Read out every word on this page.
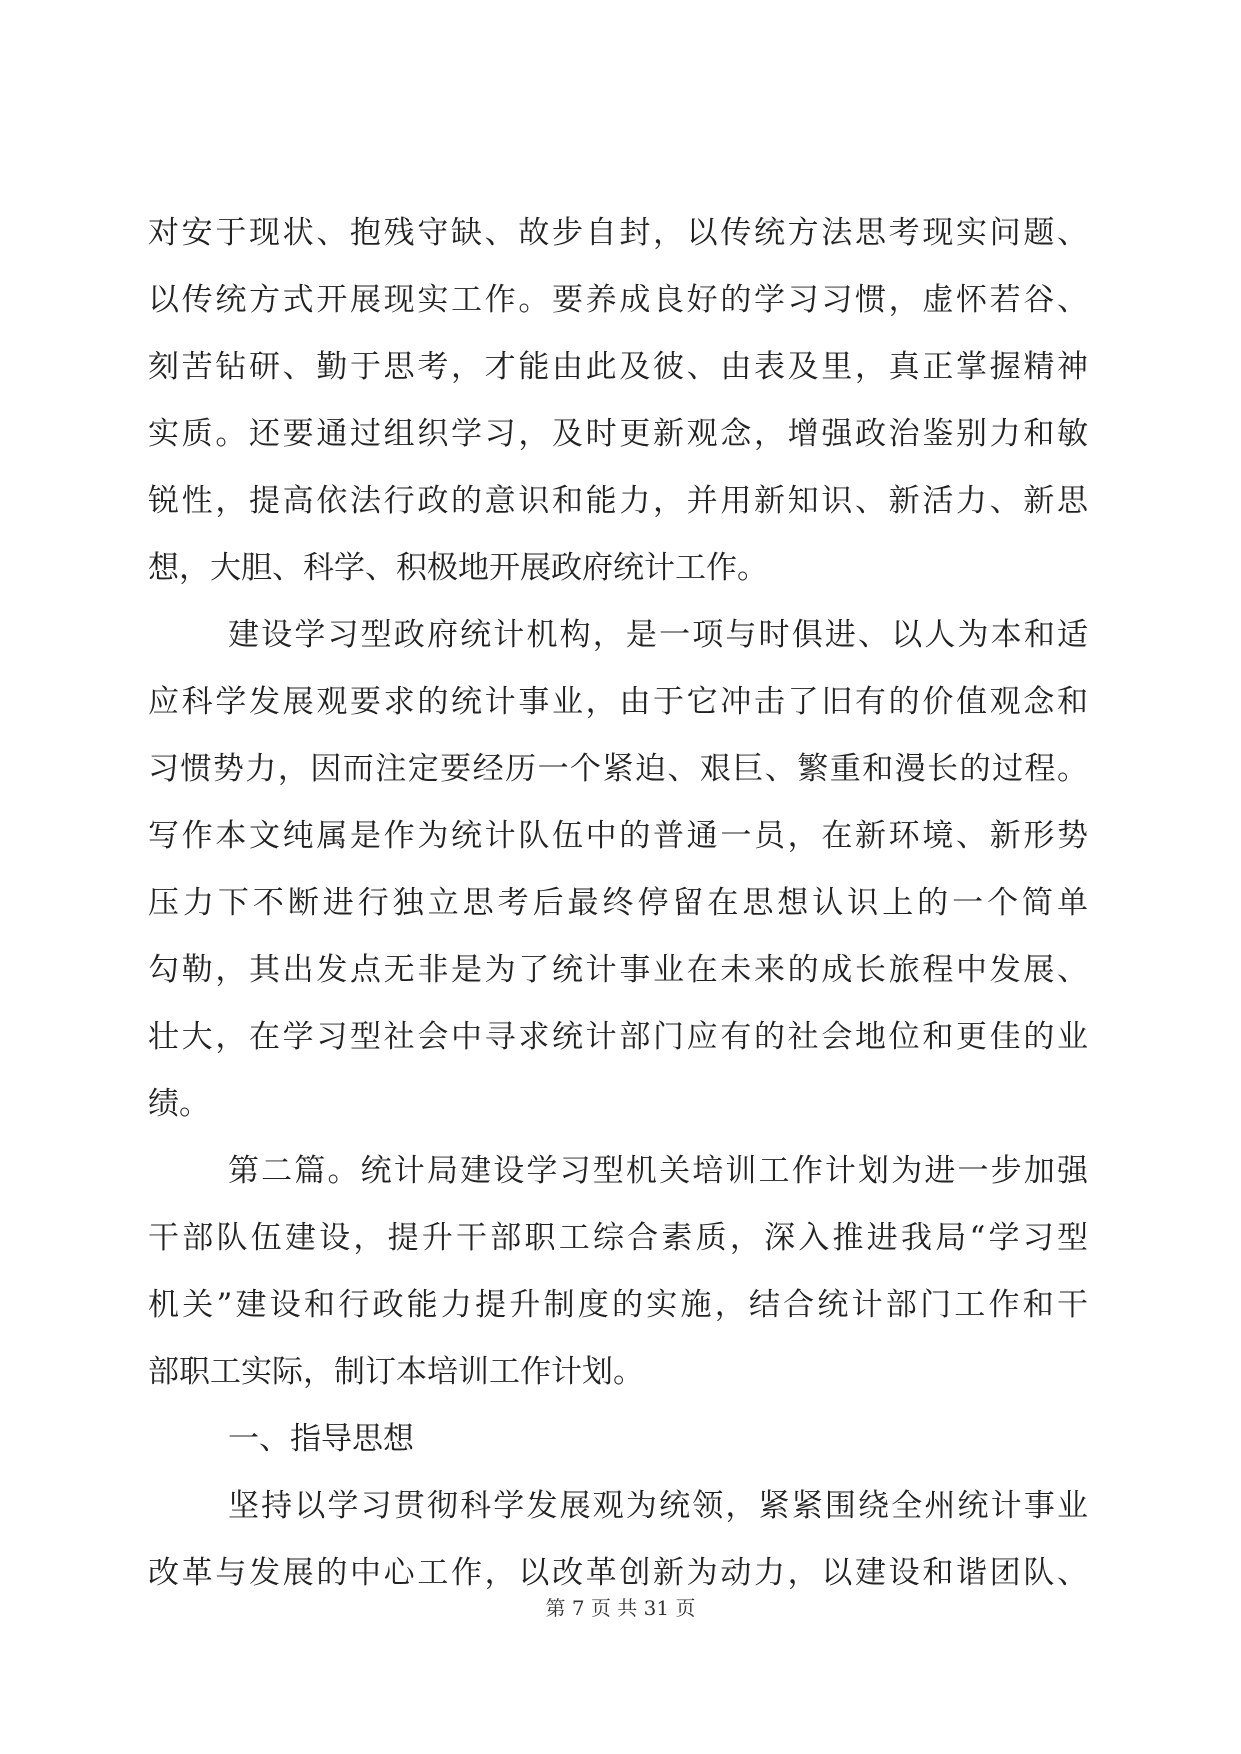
对安于现状、抱残守缺、故步自封，以传统方法思考现实问题、
以传统方式开展现实工作。要养成良好的学习习惯，虚怀若谷、
刻苦钻研、勤于思考，才能由此及彼、由表及里，真正掌握精神
实质。还要通过组织学习，及时更新观念，增强政治鉴别力和敏
锐性，提高依法行政的意识和能力，并用新知识、新活力、新思
想，大胆、科学、积极地开展政府统计工作。
建设学习型政府统计机构，是一项与时俱进、以人为本和适
应科学发展观要求的统计事业，由于它冲击了旧有的价值观念和
习惯势力，因而注定要经历一个紧迫、艰巨、繁重和漫长的过程。
写作本文纯属是作为统计队伍中的普通一员，在新环境、新形势
压力下不断进行独立思考后最终停留在思想认识上的一个简单
勾勒，其出发点无非是为了统计事业在未来的成长旅程中发展、
壮大，在学习型社会中寻求统计部门应有的社会地位和更佳的业
绩。
第二篇。统计局建设学习型机关培训工作计划为进一步加强
干部队伍建设，提升干部职工综合素质，深入推进我局“学习型
机关”建设和行政能力提升制度的实施，结合统计部门工作和干
部职工实际，制订本培训工作计划。
一、指导思想
坚持以学习贯彻科学发展观为统领，紧紧围绕全州统计事业
改革与发展的中心工作，以改革创新为动力，以建设和谐团队、
第 7 页 共 31 页
